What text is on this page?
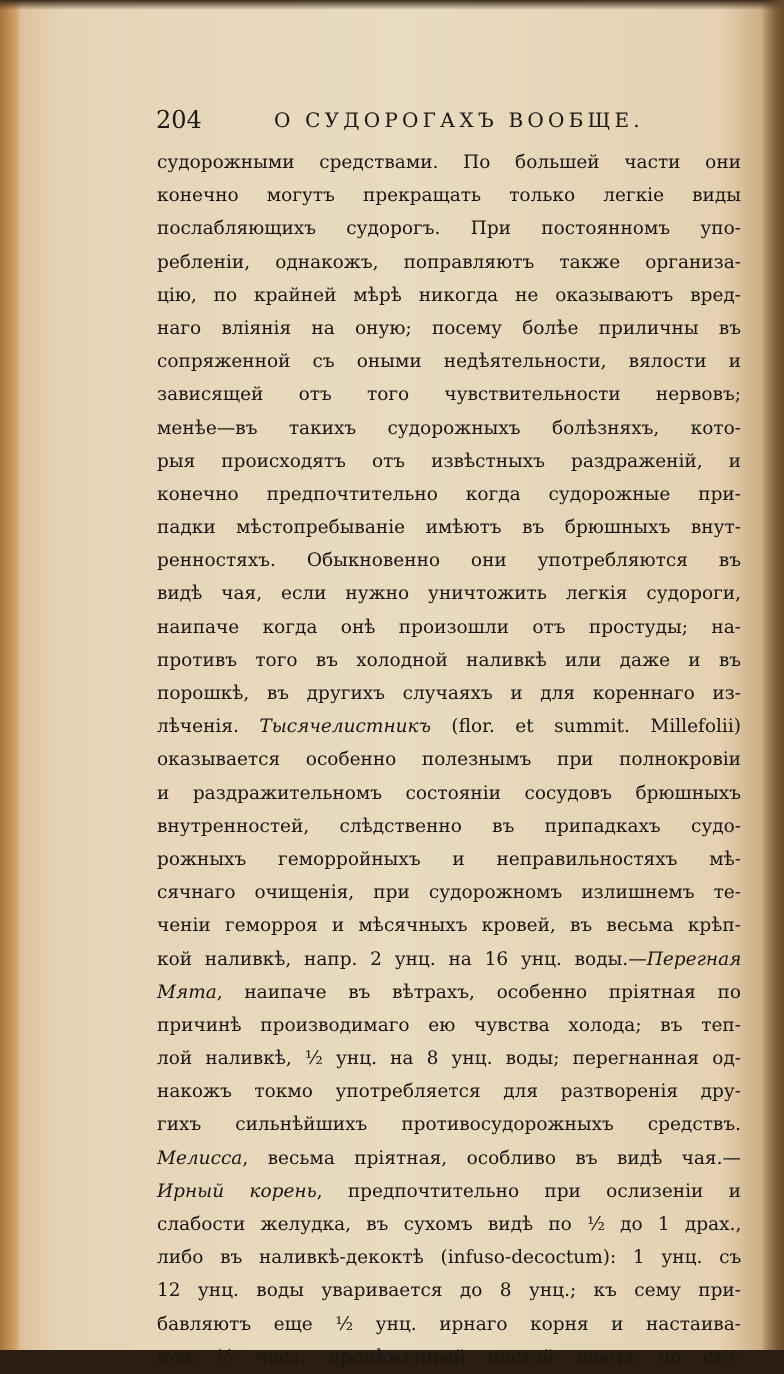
204	О СУДОРОГАХЪ ВООБЩЕ.
судорожными средствами. По большей части они
конечно могутъ прекращать только легкіе виды
послабляющихъ судорогъ. При постоянномъ упо-
ребленіи, однакожъ, поправляютъ также организа-
цію, по крайней мѣрѣ никогда не оказываютъ вред-
наго вліянія на оную; посему болѣе приличны въ
сопряженной съ оными недѣятельности, вялости и
зависящей отъ того чувствительности нервовъ;
менѣе—въ такихъ судорожныхъ болѣзняхъ, кото-
рыя происходятъ отъ извѣстныхъ раздраженій, и
конечно предпочтительно когда судорожные при-
падки мѣстопребываніе имѣютъ въ брюшныхъ внут-
ренностяхъ. Обыкновенно они употребляются въ
видѣ чая, если нужно уничтожить легкія судороги,
наипаче когда онѣ произошли отъ простуды; на-
противъ того въ холодной наливкѣ или даже и въ
порошкѣ, въ другихъ случаяхъ и для кореннаго из-
лѣченія. Тысячелистникъ (flor. et summit. Millefolii)
оказывается особенно полезнымъ при полнокровіи
и раздражительномъ состояніи сосудовъ брюшныхъ
внутренностей, слѣдственно въ припадкахъ судо-
рожныхъ геморройныхъ и неправильностяхъ мѣ-
сячнаго очищенія, при судорожномъ излишнемъ те-
ченіи геморроя и мѣсячныхъ кровей, въ весьма крѣп-
кой наливкѣ, напр. 2 унц. на 16 унц. воды.—Перегная
Мята, наипаче въ вѣтрахъ, особенно пріятная по
причинѣ производимаго ею чувства холода; въ теп-
лой наливкѣ, ½ унц. на 8 унц. воды; перегнанная од-
накожъ токмо употребляется для разтворенія дру-
гихъ сильнѣйшихъ противосудорожныхъ средствъ.
Мелисса, весьма пріятная, особливо въ видѣ чая.—
Ирный корень, предпочтительно при ослизеніи и
слабости желудка, въ сухомъ видѣ по ½ до 1 драх.,
либо въ наливкѣ-декоктѣ (infuso-decoctum): 1 унц. съ
12 унц. воды уваривается до 8 унц.; къ сему при-
бавляютъ еще ½ унц. ирнаго корня и настаива-
ютъ ½ часа; процѣженный настой даютъ по сто-
